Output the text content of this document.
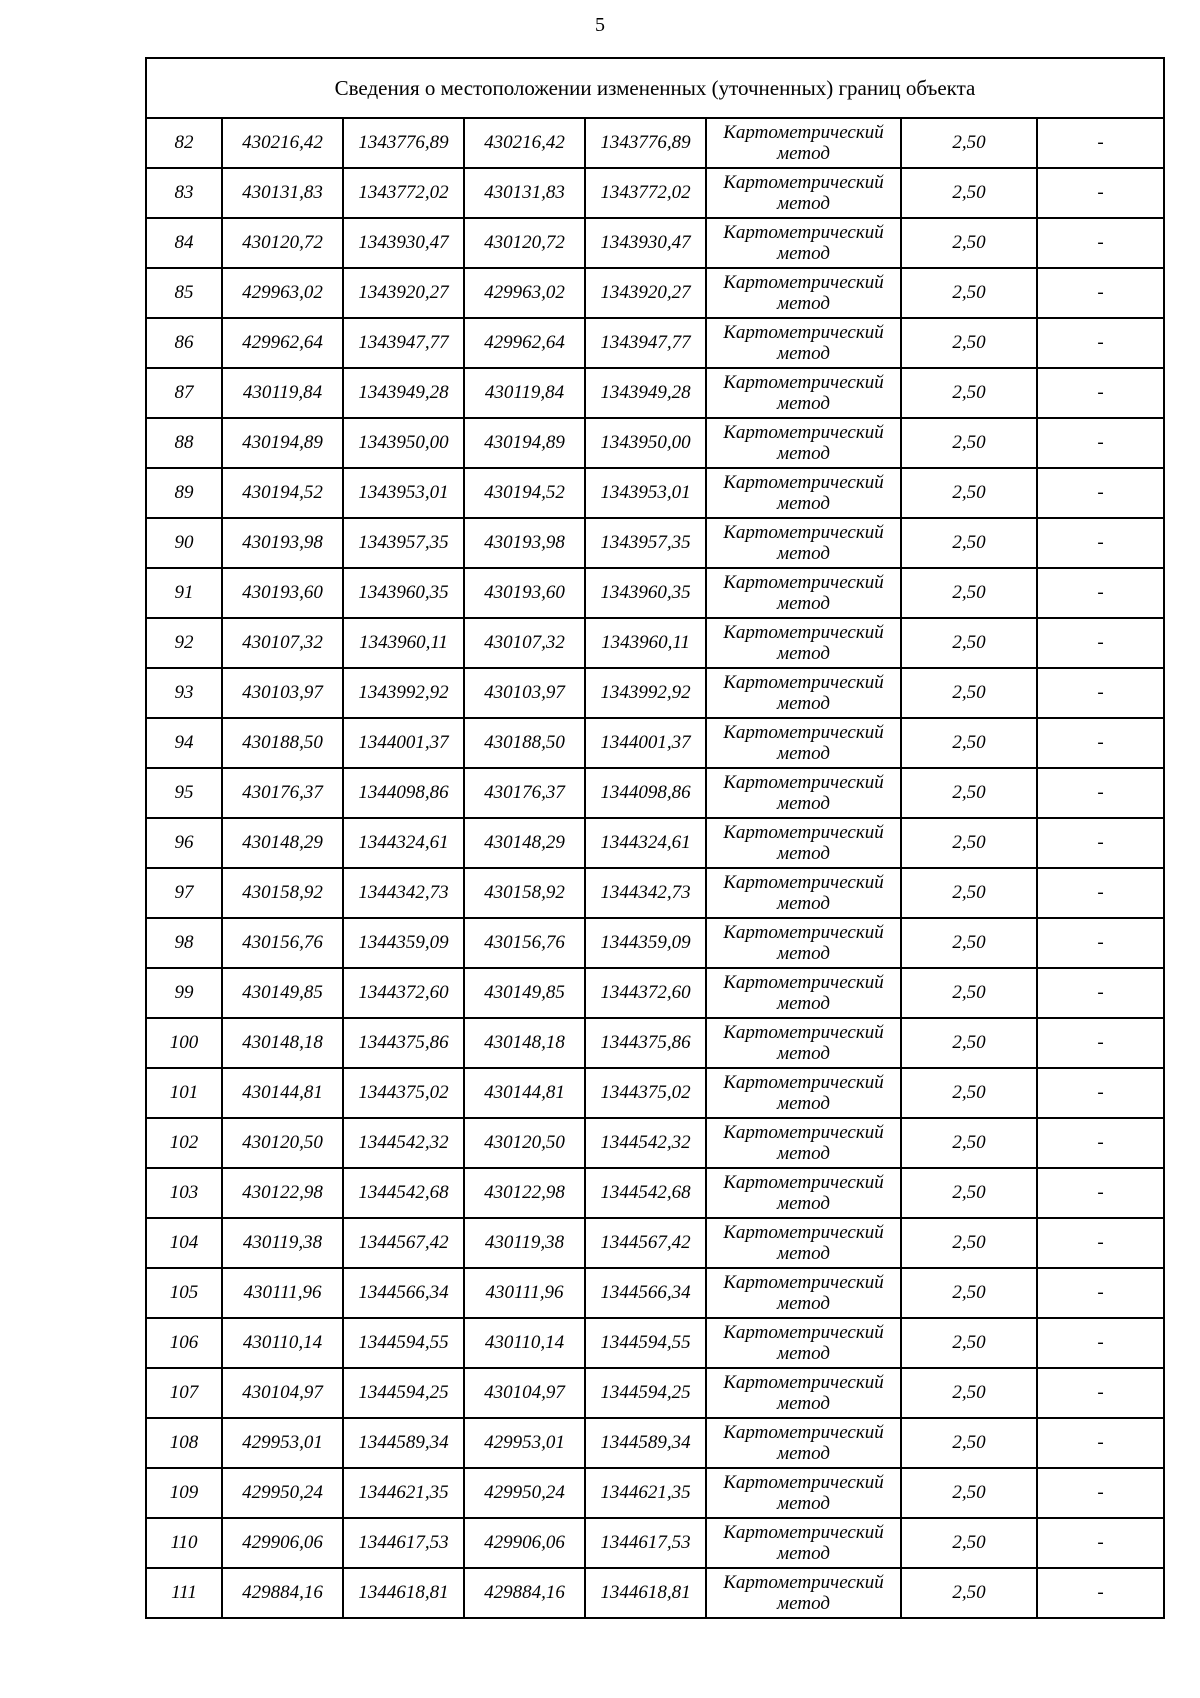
5
Сведения о местоположении измененных (уточненных) границ объекта							
82	430216,42	1343776,89	430216,42	1343776,89	Картометрический
метод	2,50	-
83	430131,83	1343772,02	430131,83	1343772,02	Картометрический
метод	2,50	-
84	430120,72	1343930,47	430120,72	1343930,47	Картометрический
метод	2,50	-
85	429963,02	1343920,27	429963,02	1343920,27	Картометрический
метод	2,50	-
86	429962,64	1343947,77	429962,64	1343947,77	Картометрический
метод	2,50	-
87	430119,84	1343949,28	430119,84	1343949,28	Картометрический
метод	2,50	-
88	430194,89	1343950,00	430194,89	1343950,00	Картометрический
метод	2,50	-
89	430194,52	1343953,01	430194,52	1343953,01	Картометрический
метод	2,50	-
90	430193,98	1343957,35	430193,98	1343957,35	Картометрический
метод	2,50	-
91	430193,60	1343960,35	430193,60	1343960,35	Картометрический
метод	2,50	-
92	430107,32	1343960,11	430107,32	1343960,11	Картометрический
метод	2,50	-
93	430103,97	1343992,92	430103,97	1343992,92	Картометрический
метод	2,50	-
94	430188,50	1344001,37	430188,50	1344001,37	Картометрический
метод	2,50	-
95	430176,37	1344098,86	430176,37	1344098,86	Картометрический
метод	2,50	-
96	430148,29	1344324,61	430148,29	1344324,61	Картометрический
метод	2,50	-
97	430158,92	1344342,73	430158,92	1344342,73	Картометрический
метод	2,50	-
98	430156,76	1344359,09	430156,76	1344359,09	Картометрический
метод	2,50	-
99	430149,85	1344372,60	430149,85	1344372,60	Картометрический
метод	2,50	-
100	430148,18	1344375,86	430148,18	1344375,86	Картометрический
метод	2,50	-
101	430144,81	1344375,02	430144,81	1344375,02	Картометрический
метод	2,50	-
102	430120,50	1344542,32	430120,50	1344542,32	Картометрический
метод	2,50	-
103	430122,98	1344542,68	430122,98	1344542,68	Картометрический
метод	2,50	-
104	430119,38	1344567,42	430119,38	1344567,42	Картометрический
метод	2,50	-
105	430111,96	1344566,34	430111,96	1344566,34	Картометрический
метод	2,50	-
106	430110,14	1344594,55	430110,14	1344594,55	Картометрический
метод	2,50	-
107	430104,97	1344594,25	430104,97	1344594,25	Картометрический
метод	2,50	-
108	429953,01	1344589,34	429953,01	1344589,34	Картометрический
метод	2,50	-
109	429950,24	1344621,35	429950,24	1344621,35	Картометрический
метод	2,50	-
110	429906,06	1344617,53	429906,06	1344617,53	Картометрический
метод	2,50	-
111	429884,16	1344618,81	429884,16	1344618,81	Картометрический
метод	2,50	-
